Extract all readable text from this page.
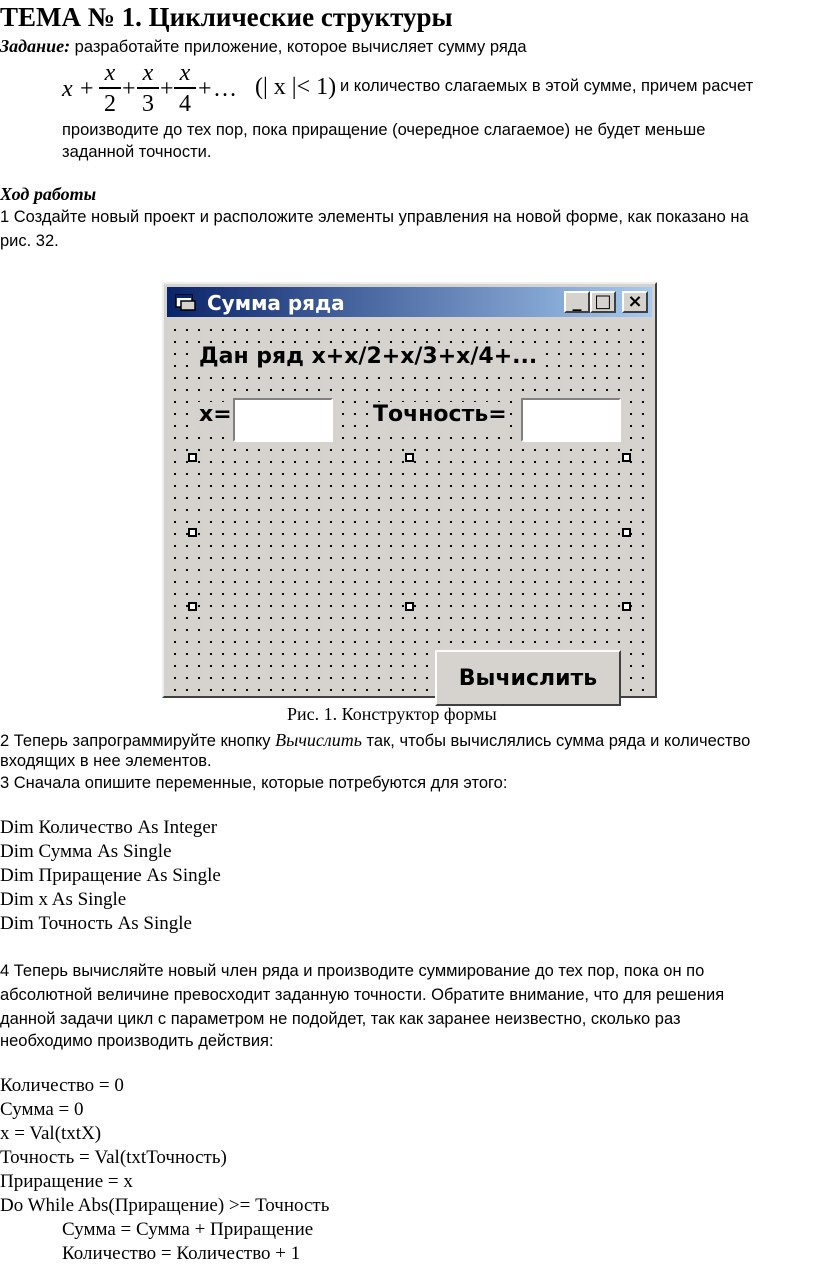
ТЕМА № 1. Циклические структуры
Задание: разработайте приложение, которое вычисляет сумму ряда
x +
x
2
+
x
3
+
x
4
+ … (| x |< 1) и количество слагаемых в этой сумме, причем расчет
производите до тех пор, пока приращение (очередное слагаемое) не будет меньше
заданной точности.
Ход работы
1 Создайте новый проект и расположите элементы управления на новой форме, как показано на
рис. 32.
Сумма ряда	_ □ ×
Дан ряд x+x/2+x/3+x/4+...
x=	Точность=
Вычислить
Рис. 1. Конструктор формы
2 Теперь запрограммируйте кнопку Вычислить так, чтобы вычислялись сумма ряда и количество
входящих в нее элементов.
3 Сначала опишите переменные, которые потребуются для этого:
Dim Количество As Integer
Dim Сумма As Single
Dim Приращение As Single
Dim x As Single
Dim Точность As Single
4 Теперь вычисляйте новый член ряда и производите суммирование до тех пор, пока он по
абсолютной величине превосходит заданную точности. Обратите внимание, что для решения
данной задачи цикл с параметром не подойдет, так как заранее неизвестно, сколько раз
необходимо производить действия:
Количество = 0
Сумма = 0
x = Val(txtX)
Точность = Val(txtТочность)
Приращение = x
Do While Abs(Приращение) >= Точность
Сумма = Сумма + Приращение
Количество = Количество + 1
